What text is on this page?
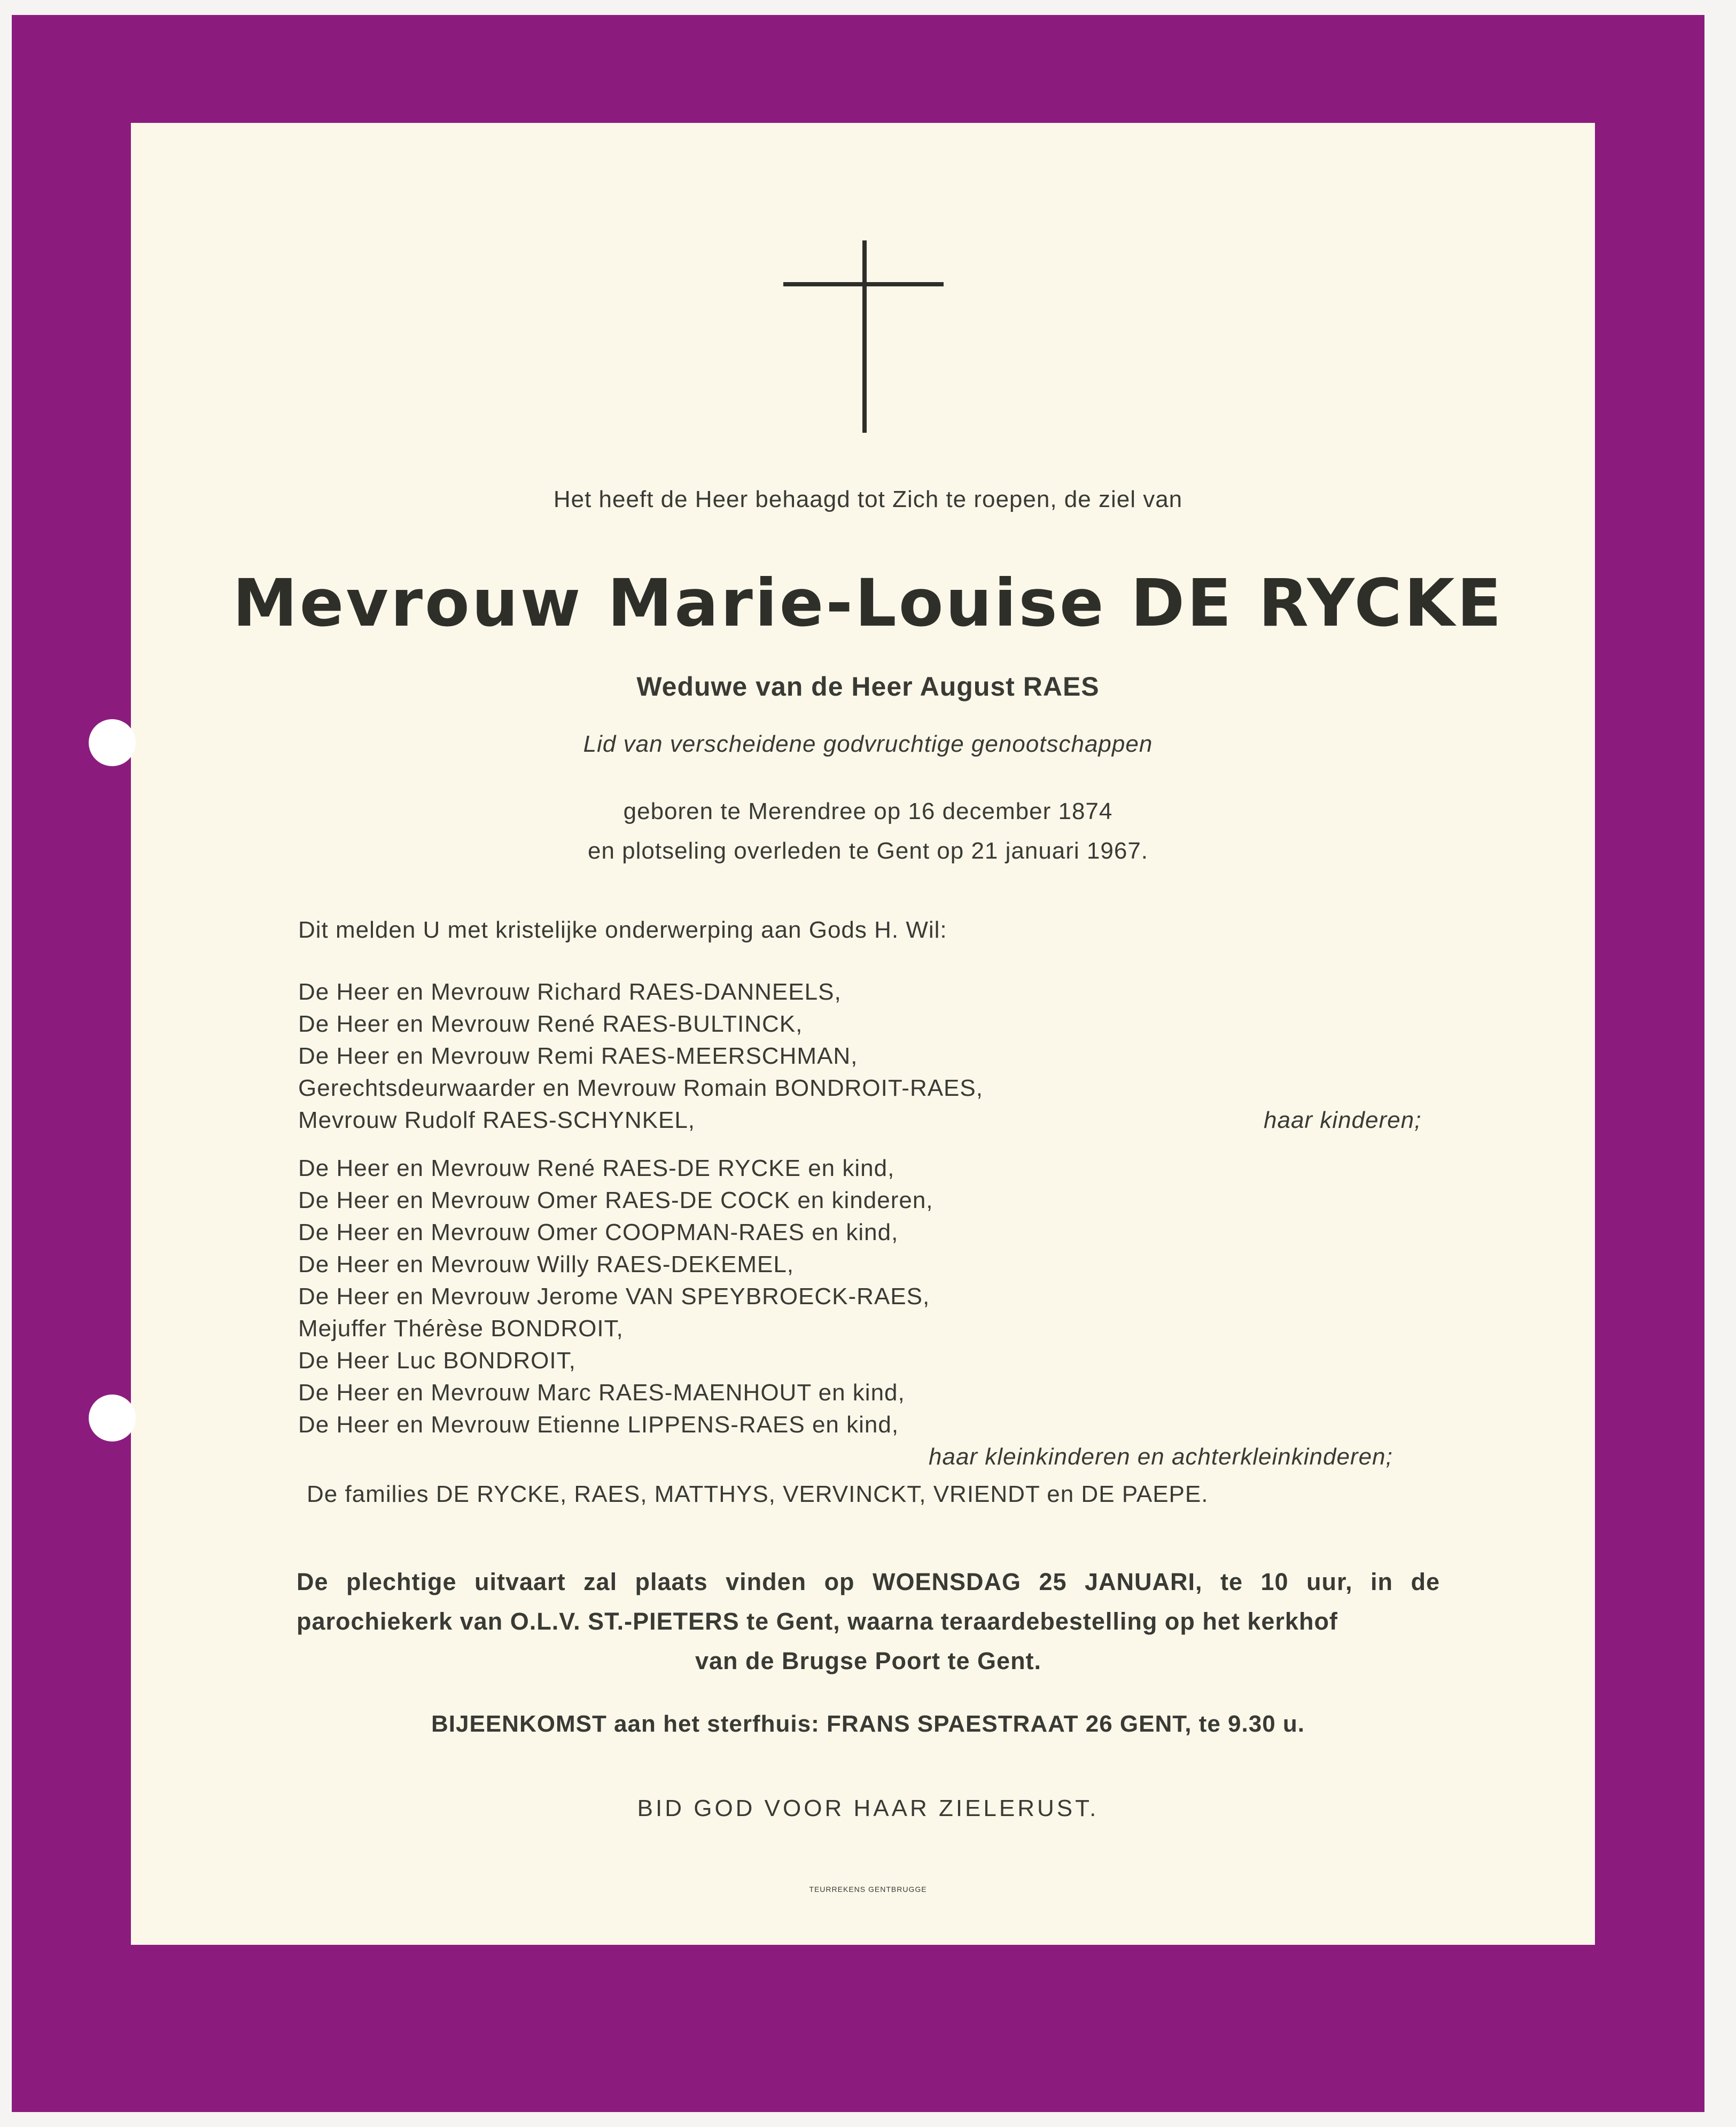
Het heeft de Heer behaagd tot Zich te roepen, de ziel van
Mevrouw Marie-Louise DE RYCKE
Weduwe van de Heer August RAES
Lid van verscheidene godvruchtige genootschappen
geboren te Merendree op 16 december 1874
en plotseling overleden te Gent op 21 januari 1967.
Dit melden U met kristelijke onderwerping aan Gods H. Wil:
De Heer en Mevrouw Richard RAES-DANNEELS,
De Heer en Mevrouw René RAES-BULTINCK,
De Heer en Mevrouw Remi RAES-MEERSCHMAN,
Gerechtsdeurwaarder en Mevrouw Romain BONDROIT-RAES,
Mevrouw Rudolf RAES-SCHYNKEL,	haar kinderen;
De Heer en Mevrouw René RAES-DE RYCKE en kind,
De Heer en Mevrouw Omer RAES-DE COCK en kinderen,
De Heer en Mevrouw Omer COOPMAN-RAES en kind,
De Heer en Mevrouw Willy RAES-DEKEMEL,
De Heer en Mevrouw Jerome VAN SPEYBROECK-RAES,
Mejuffer Thérèse BONDROIT,
De Heer Luc BONDROIT,
De Heer en Mevrouw Marc RAES-MAENHOUT en kind,
De Heer en Mevrouw Etienne LIPPENS-RAES en kind,
haar kleinkinderen en achterkleinkinderen;
De families DE RYCKE, RAES, MATTHYS, VERVINCKT, VRIENDT en DE PAEPE.
De plechtige uitvaart zal plaats vinden op WOENSDAG 25 JANUARI, te 10 uur, in de parochiekerk van O.L.V. ST.-PIETERS te Gent, waarna teraardebestelling op het kerkhof
van de Brugse Poort te Gent.
BIJEENKOMST aan het sterfhuis: FRANS SPAESTRAAT 26 GENT, te 9.30 u.
BID GOD VOOR HAAR ZIELERUST.
TEURREKENS GENTBRUGGE
